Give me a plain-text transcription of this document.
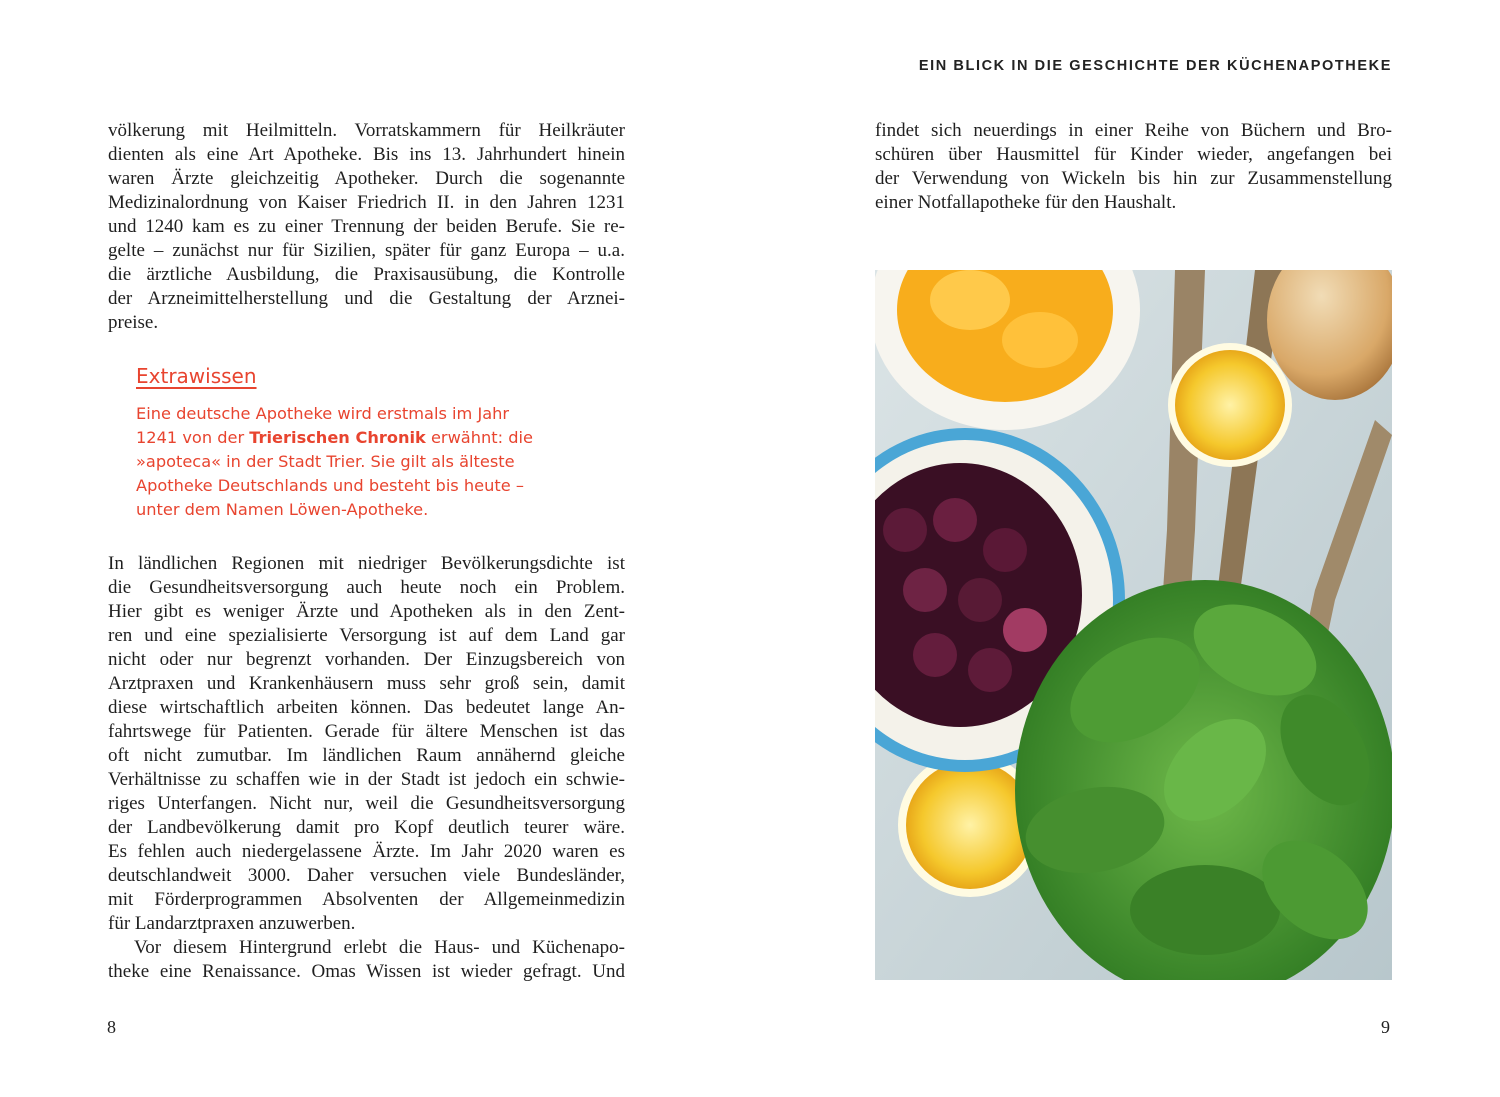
völkerung mit Heilmitteln. Vorratskammern für Heilkräuter
dienten als eine Art Apotheke. Bis ins 13. Jahrhundert hinein
waren Ärzte gleichzeitig Apotheker. Durch die sogenannte
Medizinalordnung von Kaiser Friedrich II. in den Jahren 1231
und 1240 kam es zu einer Trennung der beiden Berufe. Sie re-
gelte – zunächst nur für Sizilien, später für ganz Europa – u.a.
die ärztliche Ausbildung, die Praxisausübung, die Kontrolle
der Arzneimittelherstellung und die Gestaltung der Arznei-
preise.
Extrawissen
Eine deutsche Apotheke wird erstmals im Jahr
1241 von der Trierischen Chronik erwähnt: die
»apoteca« in der Stadt Trier. Sie gilt als älteste
Apotheke Deutschlands und besteht bis heute –
unter dem Namen Löwen-Apotheke.
In ländlichen Regionen mit niedriger Bevölkerungsdichte ist
die Gesundheitsversorgung auch heute noch ein Problem.
Hier gibt es weniger Ärzte und Apotheken als in den Zent-
ren und eine spezialisierte Versorgung ist auf dem Land gar
nicht oder nur begrenzt vorhanden. Der Einzugsbereich von
Arztpraxen und Krankenhäusern muss sehr groß sein, damit
diese wirtschaftlich arbeiten können. Das bedeutet lange An-
fahrtswege für Patienten. Gerade für ältere Menschen ist das
oft nicht zumutbar. Im ländlichen Raum annähernd gleiche
Verhältnisse zu schaffen wie in der Stadt ist jedoch ein schwie-
riges Unterfangen. Nicht nur, weil die Gesundheitsversorgung
der Landbevölkerung damit pro Kopf deutlich teurer wäre.
Es fehlen auch niedergelassene Ärzte. Im Jahr 2020 waren es
deutschlandweit 3000. Daher versuchen viele Bundesländer,
mit Förderprogrammen Absolventen der Allgemeinmedizin
für Landarztpraxen anzuwerben.
Vor diesem Hintergrund erlebt die Haus- und Küchenapo-
theke eine Renaissance. Omas Wissen ist wieder gefragt. Und
8
EIN BLICK IN DIE GESCHICHTE DER KÜCHENAPOTHEKE
findet sich neuerdings in einer Reihe von Büchern und Bro-
schüren über Hausmittel für Kinder wieder, angefangen bei
der Verwendung von Wickeln bis hin zur Zusammenstellung
einer Notfallapotheke für den Haushalt.
9
